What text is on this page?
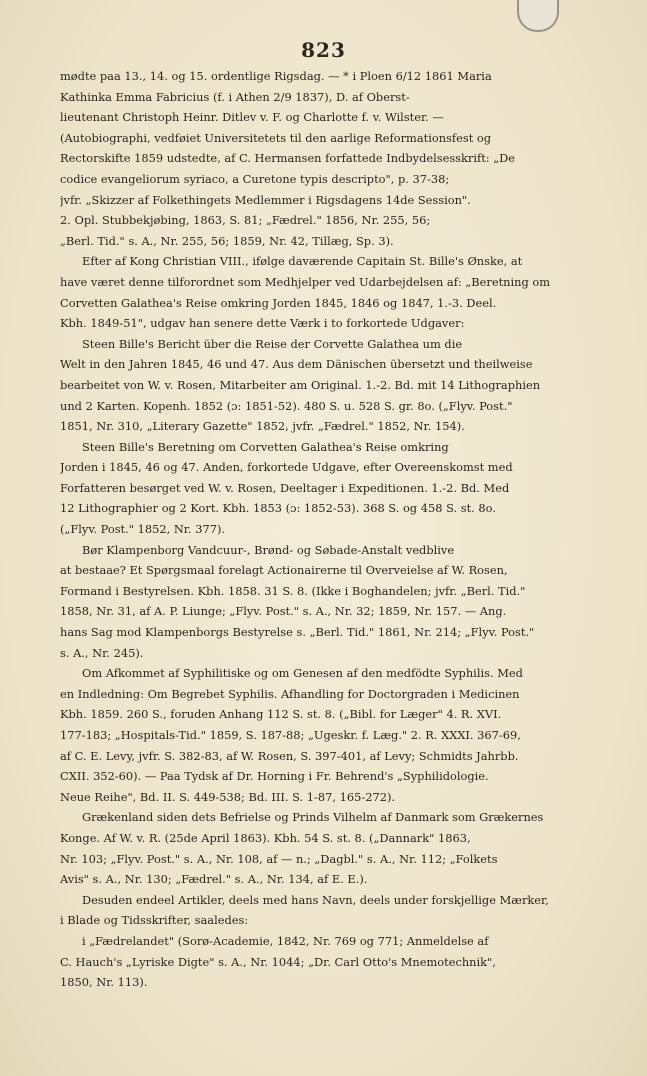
823
mødte paa 13., 14. og 15. ordentlige Rigsdag. — * i Ploen 6/12 1861 Maria
Kathinka Emma Fabricius (f. i Athen 2/9 1837), D. af Oberst-
lieutenant Christoph Heinr. Ditlev v. F. og Charlotte f. v. Wilster. —
(Autobiographi, vedføiet Universitetets til den aarlige Reformationsfest og
Rectorskifte 1859 udstedte, af C. Hermansen forfattede Indbydelsesskrift: „De
codice evangeliorum syriaco, a Curetone typis descripto", p. 37-38;
jvfr. „Skizzer af Folkethingets Medlemmer i Rigsdagens 14de Session".
2. Opl. Stubbekjøbing, 1863, S. 81; „Fædrel." 1856, Nr. 255, 56;
„Berl. Tid." s. A., Nr. 255, 56; 1859, Nr. 42, Tillæg, Sp. 3).
Efter af Kong Christian VIII., ifølge daværende Capitain St. Bille's Ønske, at
have været denne tilforordnet som Medhjelper ved Udarbejdelsen af: „Beretning om
Corvetten Galathea's Reise omkring Jorden 1845, 1846 og 1847, 1.-3. Deel.
Kbh. 1849-51", udgav han senere dette Værk i to forkortede Udgaver:
Steen Bille's Bericht über die Reise der Corvette Galathea um die
Welt in den Jahren 1845, 46 und 47. Aus dem Dänischen übersetzt und theilweise
bearbeitet von W. v. Rosen, Mitarbeiter am Original. 1.-2. Bd. mit 14 Lithographien
und 2 Karten. Kopenh. 1852 (ɔ: 1851-52). 480 S. u. 528 S. gr. 8o. („Flyv. Post."
1851, Nr. 310, „Literary Gazette" 1852, jvfr. „Fædrel." 1852, Nr. 154).
Steen Bille's Beretning om Corvetten Galathea's Reise omkring
Jorden i 1845, 46 og 47. Anden, forkortede Udgave, efter Overeenskomst med
Forfatteren besørget ved W. v. Rosen, Deeltager i Expeditionen. 1.-2. Bd. Med
12 Lithographier og 2 Kort. Kbh. 1853 (ɔ: 1852-53). 368 S. og 458 S. st. 8o.
(„Flyv. Post." 1852, Nr. 377).
Bør Klampenborg Vandcuur-, Brønd- og Søbade-Anstalt vedblive
at bestaae? Et Spørgsmaal forelagt Actionairerne til Overveielse af W. Rosen,
Formand i Bestyrelsen. Kbh. 1858. 31 S. 8. (Ikke i Boghandelen; jvfr. „Berl. Tid."
1858, Nr. 31, af A. P. Liunge; „Flyv. Post." s. A., Nr. 32; 1859, Nr. 157. — Ang.
hans Sag mod Klampenborgs Bestyrelse s. „Berl. Tid." 1861, Nr. 214; „Flyv. Post."
s. A., Nr. 245).
Om Afkommet af Syphilitiske og om Genesen af den medfödte Syphilis. Med
en Indledning: Om Begrebet Syphilis. Afhandling for Doctorgraden i Medicinen
Kbh. 1859. 260 S., foruden Anhang 112 S. st. 8. („Bibl. for Læger" 4. R. XVI.
177-183; „Hospitals-Tid." 1859, S. 187-88; „Ugeskr. f. Læg." 2. R. XXXI. 367-69,
af C. E. Levy, jvfr. S. 382-83, af W. Rosen, S. 397-401, af Levy; Schmidts Jahrbb.
CXII. 352-60). — Paa Tydsk af Dr. Horning i Fr. Behrend's „Syphilidologie.
Neue Reihe", Bd. II. S. 449-538; Bd. III. S. 1-87, 165-272).
Grækenland siden dets Befrielse og Prinds Vilhelm af Danmark som Grækernes
Konge. Af W. v. R. (25de April 1863). Kbh. 54 S. st. 8. („Dannark" 1863,
Nr. 103; „Flyv. Post." s. A., Nr. 108, af — n.; „Dagbl." s. A., Nr. 112; „Folkets
Avis" s. A., Nr. 130; „Fædrel." s. A., Nr. 134, af E. E.).
Desuden endeel Artikler, deels med hans Navn, deels under forskjellige Mærker,
i Blade og Tidsskrifter, saaledes:
i „Fædrelandet" (Sorø-Academie, 1842, Nr. 769 og 771; Anmeldelse af
C. Hauch's „Lyriske Digte" s. A., Nr. 1044; „Dr. Carl Otto's Mnemotechnik",
1850, Nr. 113).
